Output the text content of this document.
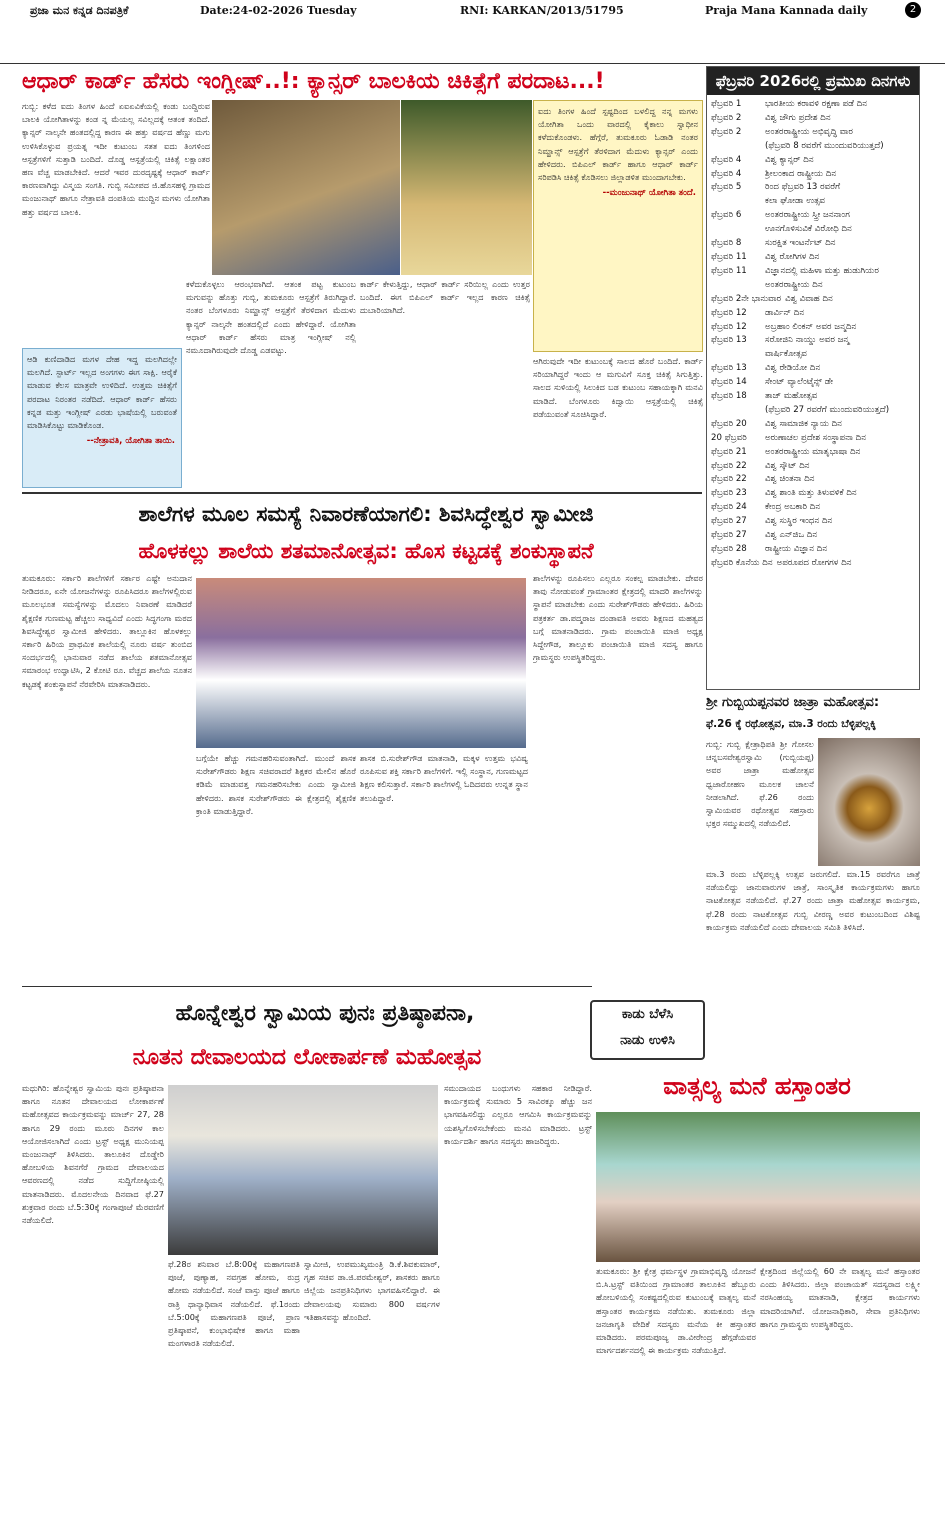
ಪ್ರಜಾ ಮನ ಕನ್ನಡ ದಿನಪತ್ರಿಕೆ	Date:24-02-2026 Tuesday	RNI: KARKAN/2013/51795	Praja Mana Kannada daily	2
ಆಧಾರ್ ಕಾರ್ಡ್ ಹೆಸರು ಇಂಗ್ಲೀಷ್..!: ಕ್ಯಾನ್ಸರ್ ಬಾಲಕಿಯ ಚಿಕಿತ್ಸೆಗೆ ಪರದಾಟ...!
ಗುಬ್ಬಿ: ಕಳೆದ ಐದು ತಿಂಗಳ ಹಿಂದೆ ಏಐಏವಿಕೆಯಲ್ಲಿ ಕಂಡು ಬಂದ್ದಿರುವ ಬಾಲಕಿ ಯೋಗಿತಾಳನ್ನು ಕಂಡ ನ್ನ ಮೆಯಲ್ಲ ಸವಿಲ್ಲದಕ್ಕೆ ಆತಂಕ ತಂದಿದೆ. ಕ್ಯಾನ್ಸರ್ ನಾಲ್ಕನೇ ಹಂತದಲ್ಲಿದ್ದ ಕಾರಣ ಈ ಹತ್ತು ವರ್ಷದ ಹೆಣ್ಣು ಮಗು ಉಳಿಸಿಕೊಳ್ಳುವ ಪ್ರಯತ್ನ ಇದೀ ಕುಟುಂಬ ಸತತ ಐದು ತಿಂಗಳಿಂದ ಆಸ್ಪತ್ರೆಗಳಿಗೆ ಸುತ್ತಾಡಿ ಬಂದಿದೆ. ದೊಡ್ಡ ಆಸ್ಪತ್ರೆಯಲ್ಲಿ ಚಿಕಿತ್ಸೆ ಲಕ್ಷಾಂತರ ಹಣ ವೆಚ್ಚ ಮಾಡಬೇಕಿದೆ. ಆದರೆ ಇವರ ದುರದೃಷ್ಟಕ್ಕೆ ಆಧಾರ್ ಕಾರ್ಡ್ ಕಾರಣವಾಗಿದ್ದು ವಿಸ್ಮಯ ಸಂಗತಿ. ಗುಬ್ಬಿ ಸಮೀಪದ ಜಿ.ಹೊಸಹಳ್ಳಿ ಗ್ರಾಮದ ಮಂಜುನಾಥ್ ಹಾಗೂ ನೇತ್ರಾವತಿ ದಂಪತಿಯ ಮುದ್ದಿನ ಮಗಳು ಯೋಗಿತಾ ಹತ್ತು ವರ್ಷದ ಬಾಲಕಿ.
ಐದು ತಿಂಗಳ ಹಿಂದೆ ಸ್ಪಷ್ಟದಿಂದ ಬಳಲಿದ್ದ ನನ್ನ ಮಗಳು ಯೋಗಿತಾ ಒಂದು ವಾರದಲ್ಲಿ ಕೈಕಾಲು ಸ್ವಾಧೀನ ಕಳೆದುಕೊಂಡಳು. ಹೆಗ್ಗೆರೆ, ತುಮಕೂರು ಓಡಾಡಿ ನಂತರ ನಿಮ್ಹಾನ್ಸ್ ಆಸ್ಪತ್ರೆಗೆ ತೆರಳಿದಾಗ ಮೆದುಳು ಕ್ಯಾನ್ಸರ್ ಎಂದು ಹೇಳಿದರು. ಬಿಪಿಎಲ್ ಕಾರ್ಡ್ ಹಾಗೂ ಆಧಾರ್ ಕಾರ್ಡ್ ಸರಿಪಡಿಸಿ ಚಿಕಿತ್ಸೆ ಕೊಡಿಸಲು ಜಿಲ್ಲಾಡಳಿತ ಮುಂದಾಗಬೇಕು.
--ಮಂಜುನಾಥ್ ಯೋಗಿತಾ ತಂದೆ.
ಆಡಿ ಕುಣಿದಾಡಿದ ಮಗಳ ದೇಹ ಇದ್ದ ಮಲಗಿದಲ್ಲೇ ಮಲಗಿದೆ. ಸ್ಪಾರ್ಟ್ ಇಲ್ಲದ ಅಂಗಗಳು ಈಗ ಸಾಕ್ಷಿ. ಆರೈಕೆ ಮಾಡುವ ಕೆಲಸ ಮಾತ್ರವೇ ಉಳಿದಿದೆ. ಉತ್ತಮ ಚಿಕಿತ್ಸೆಗೆ ಪರದಾಟ ನಿರಂತರ ನಡೆದಿದೆ. ಆಧಾರ್ ಕಾರ್ಡ್ ಹೆಸರು ಕನ್ನಡ ಮತ್ತು ಇಂಗ್ಲೀಷ್ ಎರಡು ಭಾಷೆಯಲ್ಲಿ ಬರುವಂತೆ ಮಾಡಿಸಿಕೊಟ್ಟು ಮಾಡಿಕೊಂಡ.
--ನೇತ್ರಾವತಿ, ಯೋಗಿತಾ ತಾಯಿ.
ಕಳೆದುಕೊಳ್ಳಲು ಆರಂಭವಾಗಿದೆ. ಆತಂಕ ಪಟ್ಟ ಕುಟುಂಬ ಮಗುವನ್ನು ಹೊತ್ತು ಗುಬ್ಬಿ, ತುಮಕೂರು ಆಸ್ಪತ್ರೆಗೆ ತಿರುಗಿದ್ದಾರೆ. ನಂತರ ಬೆಂಗಳೂರು ನಿಮ್ಹಾನ್ಸ್ ಆಸ್ಪತ್ರೆಗೆ ತೆರಳಿದಾಗ ಮೆದುಳು ಕ್ಯಾನ್ಸರ್ ನಾಲ್ಕನೇ ಹಂತದಲ್ಲಿದೆ ಎಂದು ಹೇಳಿದ್ದಾರೆ. ಯೋಗಿತಾ ಆಧಾರ್ ಕಾರ್ಡ್ ಹೆಸರು ಮಾತ್ರ ಇಂಗ್ಲೀಷ್ ನಲ್ಲಿ ನಮೂದಾಗಿರುವುದೇ ದೊಡ್ಡ ಎಡವಟ್ಟು.
ಕಾರ್ಡ್ ಕೇಳುತ್ತಿದ್ದು, ಆಧಾರ್ ಕಾರ್ಡ್ ಸರಿಯಿಲ್ಲ ಎಂದು ಉತ್ತರ ಬಂದಿದೆ. ಈಗ ಬಿಪಿಎಲ್ ಕಾರ್ಡ್ ಇಲ್ಲದ ಕಾರಣ ಚಿಕಿತ್ಸೆ ದುಬಾರಿಯಾಗಿದೆ.
ಆಗಿರುವುದೇ ಇದೀ ಕುಟುಂಬಕ್ಕೆ ಸಾಲದ ಹೊರೆ ಬಂದಿದೆ. ಕಾರ್ಡ್ ಸರಿಯಾಗಿದ್ದರೆ ಇಂದು ಆ ಮಗುವಿಗೆ ಸೂಕ್ತ ಚಿಕಿತ್ಸೆ ಸಿಗುತ್ತಿತ್ತು. ಸಾಲದ ಸುಳಿಯಲ್ಲಿ ಸಿಲುಕಿದ ಬಡ ಕುಟುಂಬ ಸಹಾಯಕ್ಕಾಗಿ ಮನವಿ ಮಾಡಿದೆ. ಬೆಂಗಳೂರು ಕಿದ್ವಾಯಿ ಆಸ್ಪತ್ರೆಯಲ್ಲಿ ಚಿಕಿತ್ಸೆ ಪಡೆಯುವಂತೆ ಸೂಚಿಸಿದ್ದಾರೆ.
ಫೆಬ್ರವರಿ 2026ರಲ್ಲಿ ಪ್ರಮುಖ ದಿನಗಳು
ಫೆಬ್ರವರಿ 1	ಭಾರತೀಯ ಕರಾವಳಿ ರಕ್ಷಣಾ ಪಡೆ ದಿನ
ಫೆಬ್ರವರಿ 2	ವಿಶ್ವ ಜೌಗು ಪ್ರದೇಶ ದಿನ
ಫೆಬ್ರವರಿ 2	ಅಂತರರಾಷ್ಟ್ರೀಯ ಅಭಿವೃದ್ಧಿ ವಾರ
(ಫೆಬ್ರವರಿ 8 ರವರೆಗೆ ಮುಂದುವರಿಯುತ್ತದೆ)
ಫೆಬ್ರವರಿ 4	ವಿಶ್ವ ಕ್ಯಾನ್ಸರ್ ದಿನ
ಫೆಬ್ರವರಿ 4	ಶ್ರೀಲಂಕಾದ ರಾಷ್ಟ್ರೀಯ ದಿನ
ಫೆಬ್ರವರಿ 5	ರಿಂದ ಫೆಬ್ರವರಿ 13 ರವರೆಗೆ
ಕಲಾ ಘೋಡಾ ಉತ್ಸವ
ಫೆಬ್ರವರಿ 6	ಅಂತರರಾಷ್ಟ್ರೀಯ ಸ್ತ್ರೀ ಜನನಾಂಗ
ಊನಗೊಳಿಸುವಿಕೆ ವಿರೋಧಿ ದಿನ
ಫೆಬ್ರವರಿ 8	ಸುರಕ್ಷಿತ ಇಂಟರ್ನೆಟ್ ದಿನ
ಫೆಬ್ರವರಿ 11	ವಿಶ್ವ ರೋಗಿಗಳ ದಿನ
ಫೆಬ್ರವರಿ 11	ವಿಜ್ಞಾನದಲ್ಲಿ ಮಹಿಳಾ ಮತ್ತು ಹುಡುಗಿಯರ
ಅಂತರರಾಷ್ಟ್ರೀಯ ದಿನ
ಫೆಬ್ರವರಿ 2ನೇ ಭಾನುವಾರ ವಿಶ್ವ ವಿವಾಹ ದಿನ
ಫೆಬ್ರವರಿ 12	ಡಾರ್ವಿನ್ ದಿನ
ಫೆಬ್ರವರಿ 12	ಅಬ್ರಹಾಂ ಲಿಂಕನ್ ಅವರ ಜನ್ಮದಿನ
ಫೆಬ್ರವರಿ 13	ಸರೋಜಿನಿ ನಾಯ್ಡು ಅವರ ಜನ್ಮ
ವಾರ್ಷಿಕೋತ್ಸವ
ಫೆಬ್ರವರಿ 13	ವಿಶ್ವ ರೇಡಿಯೋ ದಿನ
ಫೆಬ್ರವರಿ 14	ಸೇಂಟ್ ವ್ಯಾಲೆಂಟೈನ್ಸ್ ಡೇ
ಫೆಬ್ರವರಿ 18	ತಾಜ್ ಮಹೋತ್ಸವ
(ಫೆಬ್ರವರಿ 27 ರವರೆಗೆ ಮುಂದುವರಿಯುತ್ತದೆ)
ಫೆಬ್ರವರಿ 20	ವಿಶ್ವ ಸಾಮಾಜಿಕ ನ್ಯಾಯ ದಿನ
20 ಫೆಬ್ರವರಿ	ಅರುಣಾಚಲ ಪ್ರದೇಶ ಸಂಸ್ಥಾಪನಾ ದಿನ
ಫೆಬ್ರವರಿ 21	ಅಂತರರಾಷ್ಟ್ರೀಯ ಮಾತೃಭಾಷಾ ದಿನ
ಫೆಬ್ರವರಿ 22	ವಿಶ್ವ ಸ್ಕೌಟ್ ದಿನ
ಫೆಬ್ರವರಿ 22	ವಿಶ್ವ ಚಿಂತನಾ ದಿನ
ಫೆಬ್ರವರಿ 23	ವಿಶ್ವ ಶಾಂತಿ ಮತ್ತು ತಿಳುವಳಿಕೆ ದಿನ
ಫೆಬ್ರವರಿ 24	ಕೇಂದ್ರ ಅಬಕಾರಿ ದಿನ
ಫೆಬ್ರವರಿ 27	ವಿಶ್ವ ಸುಸ್ಥಿರ ಇಂಧನ ದಿನ
ಫೆಬ್ರವರಿ 27	ವಿಶ್ವ ಎನ್‌ಜಿಒ ದಿನ
ಫೆಬ್ರವರಿ 28	ರಾಷ್ಟ್ರೀಯ ವಿಜ್ಞಾನ ದಿನ
ಫೆಬ್ರವರಿ ಕೊನೆಯ ದಿನ ಅಪರೂಪದ ರೋಗಗಳ ದಿನ
ಶಾಲೆಗಳ ಮೂಲ ಸಮಸ್ಯೆ ನಿವಾರಣೆಯಾಗಲಿ: ಶಿವಸಿದ್ಧೇಶ್ವರ ಸ್ವಾಮೀಜಿ
ಹೊಳಕಲ್ಲು ಶಾಲೆಯ ಶತಮಾನೋತ್ಸವ: ಹೊಸ ಕಟ್ಟಡಕ್ಕೆ ಶಂಕುಸ್ಥಾಪನೆ
ತುಮಕೂರು: ಸರ್ಕಾರಿ ಶಾಲೆಗಳಿಗೆ ಸರ್ಕಾರ ಎಷ್ಟೇ ಅನುದಾನ ನೀಡಿದರೂ, ಏನೇ ಯೋಜನೆಗಳನ್ನು ರೂಪಿಸಿದರೂ ಶಾಲೆಗಳಲ್ಲಿರುವ ಮೂಲಭೂತ ಸಮಸ್ಯೆಗಳನ್ನು ಮೊದಲು ನಿವಾರಣೆ ಮಾಡಿದರೆ ಶೈಕ್ಷಣಿಕ ಗುಣಮಟ್ಟ ಹೆಚ್ಚಲು ಸಾಧ್ಯವಿದೆ ಎಂದು ಸಿದ್ಧಗಂಗಾ ಮಠದ ಶಿವಸಿದ್ಧೇಶ್ವರ ಸ್ವಾಮೀಜಿ ಹೇಳಿದರು. ತಾಲ್ಲೂಕಿನ ಹೊಳಕಲ್ಲು ಸರ್ಕಾರಿ ಹಿರಿಯ ಪ್ರಾಥಮಿಕ ಶಾಲೆಯಲ್ಲಿ ನೂರು ವರ್ಷ ತುಂಬಿದ ಸಂದರ್ಭದಲ್ಲಿ ಭಾನುವಾರ ನಡೆದ ಶಾಲೆಯ ಶತಮಾನೋತ್ಸವ ಸಮಾರಂಭ ಉದ್ಘಾಟಿಸಿ, 2 ಕೋಟಿ ರೂ. ವೆಚ್ಚದ ಶಾಲೆಯ ನೂತನ ಕಟ್ಟಡಕ್ಕೆ ಶಂಕುಸ್ಥಾಪನೆ ನೆರವೇರಿಸಿ ಮಾತನಾಡಿದರು.
ಬಗ್ಗೆಯೇ ಹೆಚ್ಚು ಗಮನಹರಿಸುವಂತಾಗಿದೆ. ಮುಂದೆ ಶಾಸಕ ಸುರೇಶ್‌ಗೌಡರು ಶಿಕ್ಷಣ ಸಚಿವರಾದರೆ ಶಿಕ್ಷಕರ ಮೇಲಿನ ಹೊರೆ ಕಡಿಮೆ ಮಾಡುವತ್ತ ಗಮನಹರಿಸಬೇಕು ಎಂದು ಸ್ವಾಮೀಜಿ ಹೇಳಿದರು. ಶಾಸಕ ಸುರೇಶ್‌ಗೌಡರು ಈ ಕ್ಷೇತ್ರದಲ್ಲಿ ಶೈಕ್ಷಣಿಕ ಕ್ರಾಂತಿ ಮಾಡುತ್ತಿದ್ದಾರೆ.
ಶಾಸಕ ಬಿ.ಸುರೇಶ್‌ಗೌಡ ಮಾತನಾಡಿ, ಮಕ್ಕಳ ಉತ್ತಮ ಭವಿಷ್ಯ ರೂಪಿಸುವ ಶಕ್ತಿ ಸರ್ಕಾರಿ ಶಾಲೆಗಳಿಗೆ. ಇಲ್ಲಿ ಸಂಸ್ಥಾನ, ಗುಣಮಟ್ಟದ ಶಿಕ್ಷಣ ಕಲಿಸುತ್ತಾರೆ. ಸರ್ಕಾರಿ ಶಾಲೆಗಳಲ್ಲಿ ಓದಿದವರು ಉನ್ನತ ಸ್ಥಾನ ತಲುಪಿದ್ದಾರೆ.
ಶಾಲೆಗಳನ್ನು ರೂಪಿಸಲು ಎಲ್ಲರೂ ಸಂಕಲ್ಪ ಮಾಡಬೇಕು. ದೇವರ ತಾವು ನೋಡುವಂತೆ ಗ್ರಾಮಾಂತರ ಕ್ಷೇತ್ರದಲ್ಲಿ ಮಾದರಿ ಶಾಲೆಗಳನ್ನು ಸ್ಥಾಪನೆ ಮಾಡಬೇಕು ಎಂದು ಸುರೇಶ್‌ಗೌಡರು ಹೇಳಿದರು. ಹಿರಿಯ ಪತ್ರಕರ್ತ ಡಾ.ಪದ್ಮರಾಜ ದಂಡಾವತಿ ಅವರು ಶಿಕ್ಷಣದ ಮಹತ್ವದ ಬಗ್ಗೆ ಮಾತನಾಡಿದರು. ಗ್ರಾಮ ಪಂಚಾಯಿತಿ ಮಾಜಿ ಅಧ್ಯಕ್ಷ ಸಿದ್ದೇಗೌಡ, ತಾಲ್ಲೂಕು ಪಂಚಾಯಿತಿ ಮಾಜಿ ಸದಸ್ಯ ಹಾಗೂ ಗ್ರಾಮಸ್ಥರು ಉಪಸ್ಥಿತರಿದ್ದರು.
ಶ್ರೀ ಗುಬ್ಬಿಯಪ್ಪನವರ ಜಾತ್ರಾ ಮಹೋತ್ಸವ:
ಫೆ.26 ಕ್ಕೆ ರಥೋತ್ಸವ, ಮಾ.3 ರಂದು ಬೆಳ್ಳಿಪಲ್ಲಕ್ಕಿ
ಗುಬ್ಬಿ: ಗುಬ್ಬಿ ಕ್ಷೇತ್ರಾಧಿಪತಿ ಶ್ರೀ ಗೋಸಲ ಚನ್ನಬಸವೇಶ್ವರಸ್ವಾಮಿ (ಗುಬ್ಬಿಯಪ್ಪ) ಅವರ ಜಾತ್ರಾ ಮಹೋತ್ಸವ ಧ್ವಜಾರೋಹಣ ಮೂಲಕ ಚಾಲನೆ ನೀಡಲಾಗಿದೆ. ಫೆ.26 ರಂದು ಸ್ವಾಮಿಯವರ ರಥೋತ್ಸವ ಸಹಸ್ರಾರು ಭಕ್ತರ ಸಮ್ಮುಖದಲ್ಲಿ ನಡೆಯಲಿದೆ.
ಮಾ.3 ರಂದು ಬೆಳ್ಳಿಪಲ್ಲಕ್ಕಿ ಉತ್ಸವ ಜರುಗಲಿದೆ. ಮಾ.15 ರವರೆಗೂ ಜಾತ್ರೆ ನಡೆಯಲಿದ್ದು ಜಾನುವಾರುಗಳ ಜಾತ್ರೆ, ಸಾಂಸ್ಕೃತಿಕ ಕಾರ್ಯಕ್ರಮಗಳು ಹಾಗೂ ನಾಟಕೋತ್ಸವ ನಡೆಯಲಿದೆ. ಫೆ.27 ರಂದು ಜಾತ್ರಾ ಮಹೋತ್ಸವ ಕಾರ್ಯಕ್ರಮ, ಫೆ.28 ರಂದು ನಾಟಕೋತ್ಸವ ಗುಬ್ಬಿ ವೀರಣ್ಣ ಅವರ ಕುಟುಂಬದಿಂದ ವಿಶಿಷ್ಟ ಕಾರ್ಯಕ್ರಮ ನಡೆಯಲಿದೆ ಎಂದು ದೇವಾಲಯ ಸಮಿತಿ ತಿಳಿಸಿದೆ.
ಹೊನ್ನೇಶ್ವರ ಸ್ವಾಮಿಯ ಪುನಃ ಪ್ರತಿಷ್ಠಾಪನಾ,
ನೂತನ ದೇವಾಲಯದ ಲೋಕಾರ್ಪಣೆ ಮಹೋತ್ಸವ
ಮಧುಗಿರಿ: ಹೊನ್ನೇಶ್ವರ ಸ್ವಾಮಿಯ ಪುನಃ ಪ್ರತಿಷ್ಠಾಪನಾ ಹಾಗೂ ನೂತನ ದೇವಾಲಯದ ಲೋಕಾರ್ಪಣೆ ಮಹೋತ್ಸವದ ಕಾರ್ಯಕ್ರಮವನ್ನು ಮಾರ್ಚ್ 27, 28 ಹಾಗೂ 29 ರಂದು ಮೂರು ದಿನಗಳ ಕಾಲ ಆಯೋಜಿಸಲಾಗಿದೆ ಎಂದು ಟ್ರಸ್ಟ್ ಅಧ್ಯಕ್ಷ ಮುನಿಯಪ್ಪ ಮಂಜುನಾಥ್ ತಿಳಿಸಿದರು. ತಾಲೂಕಿನ ದೊಡ್ಡೇರಿ ಹೋಬಳಿಯ ಶಿವನಗೆರೆ ಗ್ರಾಮದ ದೇವಾಲಯದ ಆವರಣದಲ್ಲಿ ನಡೆದ ಸುದ್ದಿಗೋಷ್ಠಿಯಲ್ಲಿ ಮಾತನಾಡಿದರು. ಮೊದಲನೇಯ ದಿನವಾದ ಫೆ.27 ಶುಕ್ರವಾರ ರಂದು ಬೆ.5:30ಕ್ಕೆ ಗಂಗಾಪೂಜೆ ಮೆರವಣಿಗೆ ನಡೆಯಲಿದೆ.
ಫೆ.28ರ ಶನಿವಾರ ಬೆ.8:00ಕ್ಕೆ ಮಹಾಗಣಪತಿ ಪೂಜೆ, ಪುಣ್ಯಾಹ, ನವಗ್ರಹ ಹೋಮ, ರುದ್ರ ಹೋಮ ನಡೆಯಲಿದೆ. ಸಂಜೆ ವಾಸ್ತು ಪೂಜೆ ಹಾಗೂ ರಾತ್ರಿ ಧಾನ್ಯಾಧಿವಾಸ ನಡೆಯಲಿದೆ. ಫೆ.1ರಂದು ಬೆ.5:00ಕ್ಕೆ ಮಹಾಗಣಪತಿ ಪೂಜೆ, ಪ್ರಾಣ ಪ್ರತಿಷ್ಠಾಪನೆ, ಕುಂಭಾಭಿಷೇಕ ಹಾಗೂ ಮಹಾ ಮಂಗಳಾರತಿ ನಡೆಯಲಿದೆ.
ಸ್ವಾಮೀಜಿ, ಉಪಮುಖ್ಯಮಂತ್ರಿ ಡಿ.ಕೆ.ಶಿವಕುಮಾರ್, ಗೃಹ ಸಚಿವ ಡಾ.ಜಿ.ಪರಮೇಶ್ವರ್, ಶಾಸಕರು ಹಾಗೂ ಜಿಲ್ಲೆಯ ಜನಪ್ರತಿನಿಧಿಗಳು ಭಾಗವಹಿಸಲಿದ್ದಾರೆ. ಈ ದೇವಾಲಯವು ಸುಮಾರು 800 ವರ್ಷಗಳ ಇತಿಹಾಸವನ್ನು ಹೊಂದಿದೆ.
ಸಮುದಾಯದ ಬಂಧುಗಳು ಸಹಕಾರ ನೀಡಿದ್ದಾರೆ. ಕಾರ್ಯಕ್ರಮಕ್ಕೆ ಸುಮಾರು 5 ಸಾವಿರಕ್ಕೂ ಹೆಚ್ಚು ಜನ ಭಾಗವಹಿಸಲಿದ್ದು ಎಲ್ಲರೂ ಆಗಮಿಸಿ ಕಾರ್ಯಕ್ರಮವನ್ನು ಯಶಸ್ವಿಗೊಳಿಸಬೇಕೆಂದು ಮನವಿ ಮಾಡಿದರು. ಟ್ರಸ್ಟ್ ಕಾರ್ಯದರ್ಶಿ ಹಾಗೂ ಸದಸ್ಯರು ಹಾಜರಿದ್ದರು.
ಕಾಡು ಬೆಳೆಸಿ
ನಾಡು ಉಳಿಸಿ
ವಾತ್ಸಲ್ಯ ಮನೆ ಹಸ್ತಾಂತರ
ತುಮಕೂರು: ಶ್ರೀ ಕ್ಷೇತ್ರ ಧರ್ಮಸ್ಥಳ ಗ್ರಾಮಾಭಿವೃದ್ಧಿ ಯೋಜನೆ ಬಿ.ಸಿ.ಟ್ರಸ್ಟ್ ವತಿಯಿಂದ ಗ್ರಾಮಾಂತರ ತಾಲೂಕಿನ ಹೆಬ್ಬೂರು ಹೋಬಳಿಯಲ್ಲಿ ಸಂಕಷ್ಟದಲ್ಲಿರುವ ಕುಟುಂಬಕ್ಕೆ ವಾತ್ಸಲ್ಯ ಮನೆ ಹಸ್ತಾಂತರ ಕಾರ್ಯಕ್ರಮ ನಡೆಯಿತು. ತುಮಕೂರು ಜಿಲ್ಲಾ ಜನಜಾಗೃತಿ ವೇದಿಕೆ ಸದಸ್ಯರು ಮನೆಯ ಕೀ ಹಸ್ತಾಂತರ ಮಾಡಿದರು. ಪರಮಪೂಜ್ಯ ಡಾ.ವೀರೇಂದ್ರ ಹೆಗ್ಗಡೆಯವರ ಮಾರ್ಗದರ್ಶನದಲ್ಲಿ ಈ ಕಾರ್ಯಕ್ರಮ ನಡೆಯುತ್ತಿದೆ.
ಕ್ಷೇತ್ರದಿಂದ ಜಿಲ್ಲೆಯಲ್ಲಿ 60 ನೇ ವಾತ್ಸಲ್ಯ ಮನೆ ಹಸ್ತಾಂತರ ಎಂದು ತಿಳಿಸಿದರು. ಜಿಲ್ಲಾ ಪಂಚಾಯತ್ ಸದಸ್ಯರಾದ ಲಕ್ಷ್ಮೀ ನರಸಿಂಹಯ್ಯ ಮಾತನಾಡಿ, ಕ್ಷೇತ್ರದ ಕಾರ್ಯಗಳು ಮಾದರಿಯಾಗಿವೆ. ಯೋಜನಾಧಿಕಾರಿ, ಸೇವಾ ಪ್ರತಿನಿಧಿಗಳು ಹಾಗೂ ಗ್ರಾಮಸ್ಥರು ಉಪಸ್ಥಿತರಿದ್ದರು.
